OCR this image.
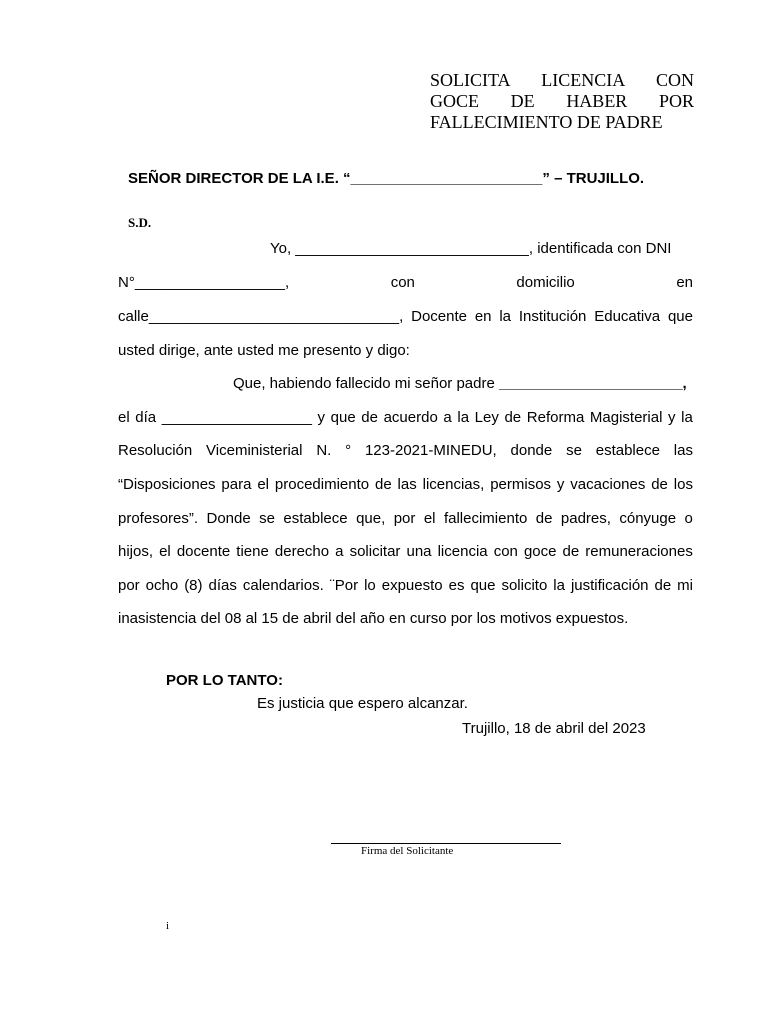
SOLICITA LICENCIA CON
GOCE DE HABER POR
FALLECIMIENTO DE PADRE
SEÑOR DIRECTOR DE LA I.E. “_______________________” – TRUJILLO.
S.D.
Yo, ____________________________, identificada con DNI
N°__________________,	con	domicilio	en
calle______________________________, Docente en la Institución Educativa que
usted dirige, ante usted me presento y digo:
Que, habiendo fallecido mi señor padre ______________________,
el día __________________ y que de acuerdo a la Ley de Reforma Magisterial y la
Resolución Viceministerial N. ° 123-2021-MINEDU, donde se establece las
“Disposiciones para el procedimiento de las licencias, permisos y vacaciones de los
profesores”. Donde se establece que, por el fallecimiento de padres, cónyuge o
hijos, el docente tiene derecho a solicitar una licencia con goce de remuneraciones
por ocho (8) días calendarios. ¨Por lo expuesto es que solicito la justificación de mi
inasistencia del 08 al 15 de abril del año en curso por los motivos expuestos.
POR LO TANTO:
Es justicia que espero alcanzar.
Trujillo, 18 de abril del 2023
Firma del Solicitante
i
